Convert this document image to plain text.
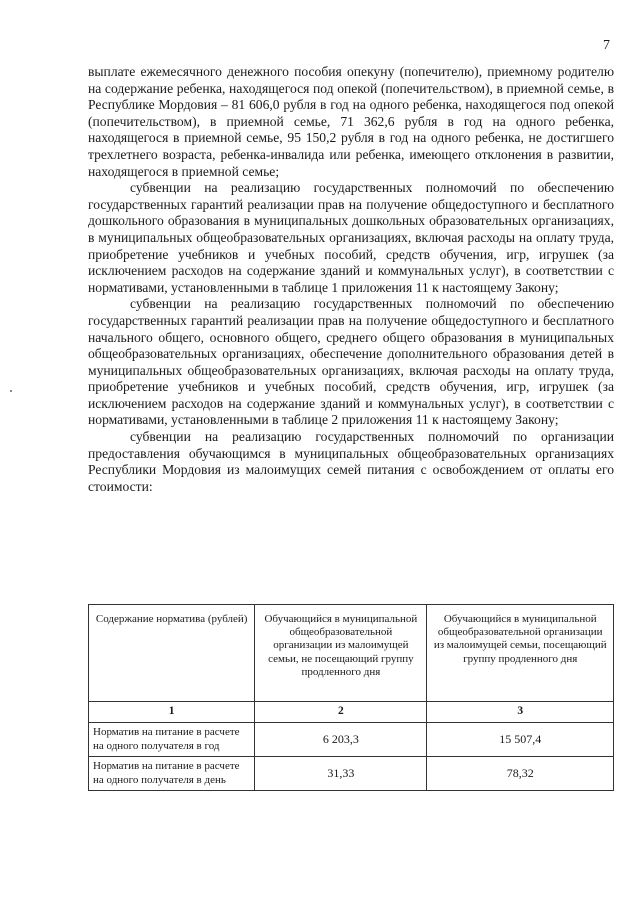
7

выплате ежемесячного денежного пособия опекуну (попечителю), приемному родителю на содержание ребенка, находящегося под опекой (попечительством), в приемной семье, в Республике Мордовия – 81 606,0 рубля в год на одного ребенка, находящегося под опекой (попечительством), в приемной семье, 71 362,6 рубля в год на одного ребенка, находящегося в приемной семье, 95 150,2 рубля в год на одного ребенка, не достигшего трехлетнего возраста, ребенка-инвалида или ребенка, имеющего отклонения в развитии, находящегося в приемной семье;

субвенции на реализацию государственных полномочий по обеспечению государственных гарантий реализации прав на получение общедоступного и бесплатного дошкольного образования в муниципальных дошкольных образовательных организациях, в муниципальных общеобразовательных организациях, включая расходы на оплату труда, приобретение учебников и учебных пособий, средств обучения, игр, игрушек (за исключением расходов на содержание зданий и коммунальных услуг), в соответствии с нормативами, установленными в таблице 1 приложения 11 к настоящему Закону;

субвенции на реализацию государственных полномочий по обеспечению государственных гарантий реализации прав на получение общедоступного и бесплатного начального общего, основного общего, среднего общего образования в муниципальных общеобразовательных организациях, обеспечение дополнительного образования детей в муниципальных общеобразовательных организациях, включая расходы на оплату труда, приобретение учебников и учебных пособий, средств обучения, игр, игрушек (за исключением расходов на содержание зданий и коммунальных услуг), в соответствии с нормативами, установленными в таблице 2 приложения 11 к настоящему Закону;

субвенции на реализацию государственных полномочий по организации предоставления обучающимся в муниципальных общеобразовательных организациях Республики Мордовия из малоимущих семей питания с освобождением от оплаты его стоимости:

Содержание норматива (рублей)	Обучающийся в муниципальной общеобразовательной организации из малоимущей семьи, не посещающий группу продленного дня	Обучающийся в муниципальной общеобразовательной организации из малоимущей семьи, посещающий группу продленного дня
1	2	3
Норматив на питание в расчете на одного получателя в год	6 203,3	15 507,4
Норматив на питание в расчете на одного получателя в день	31,33	78,32
